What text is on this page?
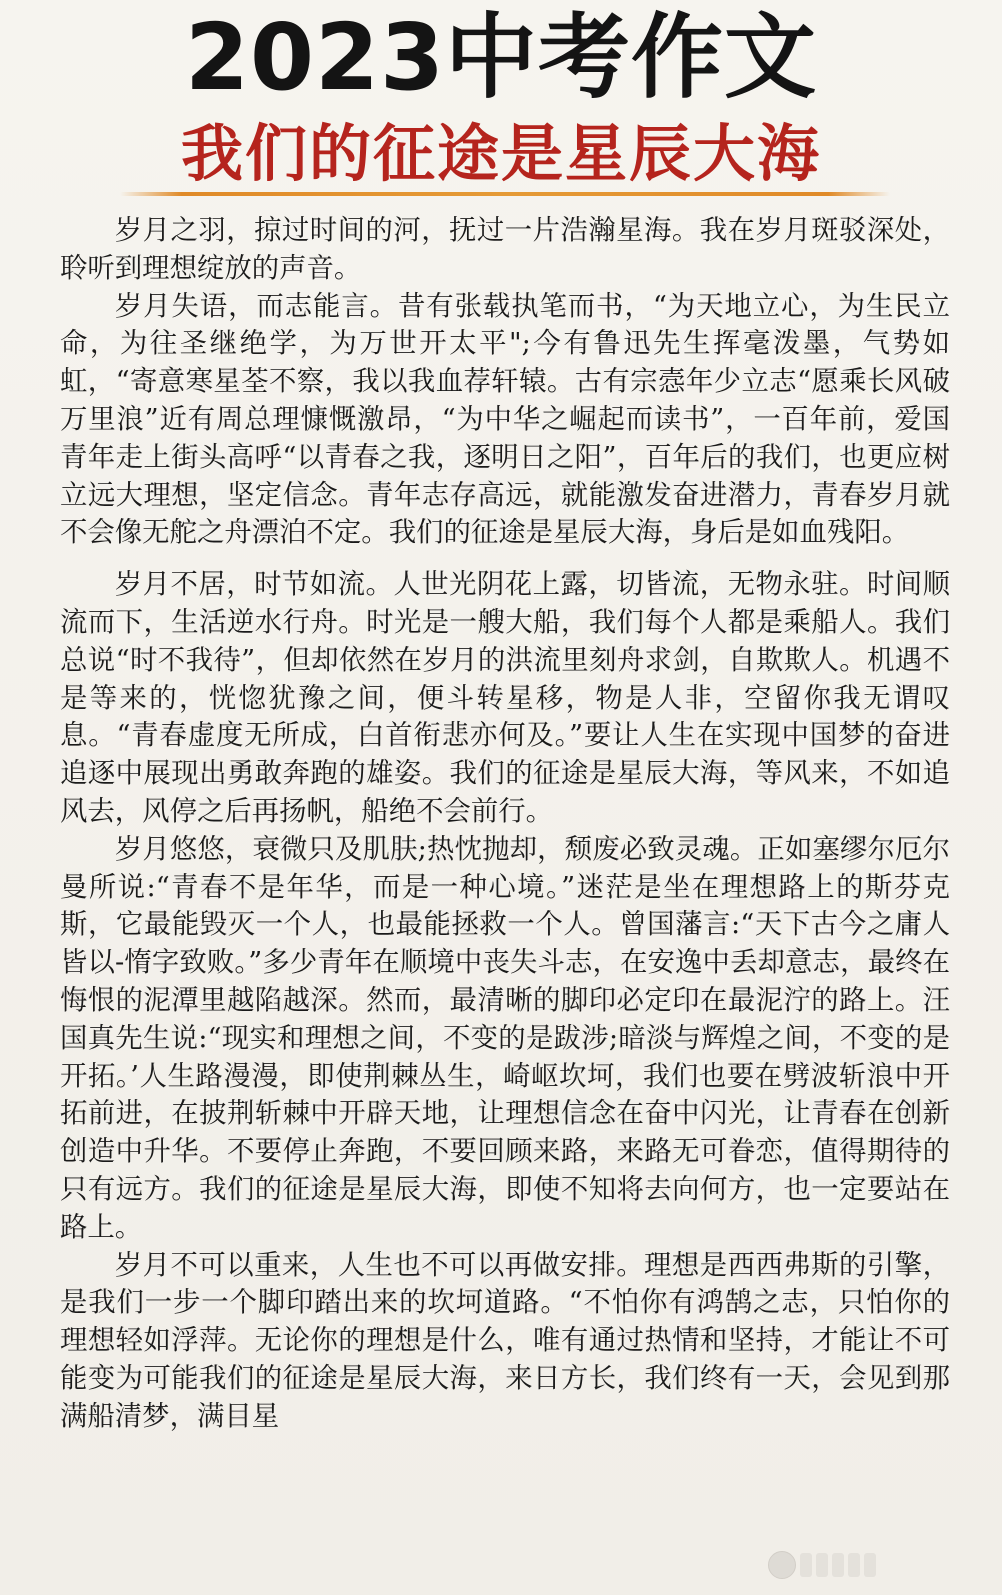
2023中考作文
我们的征途是星辰大海

岁月之羽，掠过时间的河，抚过一片浩瀚星海。我在岁月斑驳深处，聆听到理想绽放的声音。

岁月失语，而志能言。昔有张载执笔而书，“为天地立心，为生民立命，为往圣继绝学，为万世开太平";今有鲁迅先生挥毫泼墨，气势如虹，“寄意寒星荃不察，我以我血荐轩辕。古有宗悫年少立志“愿乘长风破万里浪”近有周总理慷慨激昂，“为中华之崛起而读书”，一百年前，爱国青年走上街头高呼“以青春之我，逐明日之阳”，百年后的我们，也更应树立远大理想，坚定信念。青年志存高远，就能激发奋进潜力，青春岁月就不会像无舵之舟漂泊不定。我们的征途是星辰大海，身后是如血残阳。

岁月不居，时节如流。人世光阴花上露，切皆流，无物永驻。时间顺流而下，生活逆水行舟。时光是一艘大船，我们每个人都是乘船人。我们总说“时不我待”，但却依然在岁月的洪流里刻舟求剑，自欺欺人。机遇不是等来的，恍惚犹豫之间，便斗转星移，物是人非，空留你我无谓叹息。“青春虚度无所成，白首衔悲亦何及。”要让人生在实现中国梦的奋进追逐中展现出勇敢奔跑的雄姿。我们的征途是星辰大海，等风来，不如追风去，风停之后再扬帆，船绝不会前行。

岁月悠悠，衰微只及肌肤;热忱抛却，颓废必致灵魂。正如塞缪尔厄尔曼所说:“青春不是年华，而是一种心境。”迷茫是坐在理想路上的斯芬克斯，它最能毁灭一个人，也最能拯救一个人。曾国藩言:“天下古今之庸人皆以-惰字致败。”多少青年在顺境中丧失斗志，在安逸中丢却意志，最终在悔恨的泥潭里越陷越深。然而，最清晰的脚印必定印在最泥泞的路上。汪国真先生说:“现实和理想之间，不变的是跋涉;暗淡与辉煌之间，不变的是开拓。’人生路漫漫，即使荆棘丛生，崎岖坎坷，我们也要在劈波斩浪中开拓前进，在披荆斩棘中开辟天地，让理想信念在奋中闪光，让青春在创新创造中升华。不要停止奔跑，不要回顾来路，来路无可眷恋，值得期待的只有远方。我们的征途是星辰大海，即使不知将去向何方，也一定要站在路上。

岁月不可以重来，人生也不可以再做安排。理想是西西弗斯的引擎，是我们一步一个脚印踏出来的坎坷道路。“不怕你有鸿鹄之志，只怕你的理想轻如浮萍。无论你的理想是什么，唯有通过热情和坚持，才能让不可能变为可能我们的征途是星辰大海，来日方长，我们终有一天，会见到那满船清梦，满目星
